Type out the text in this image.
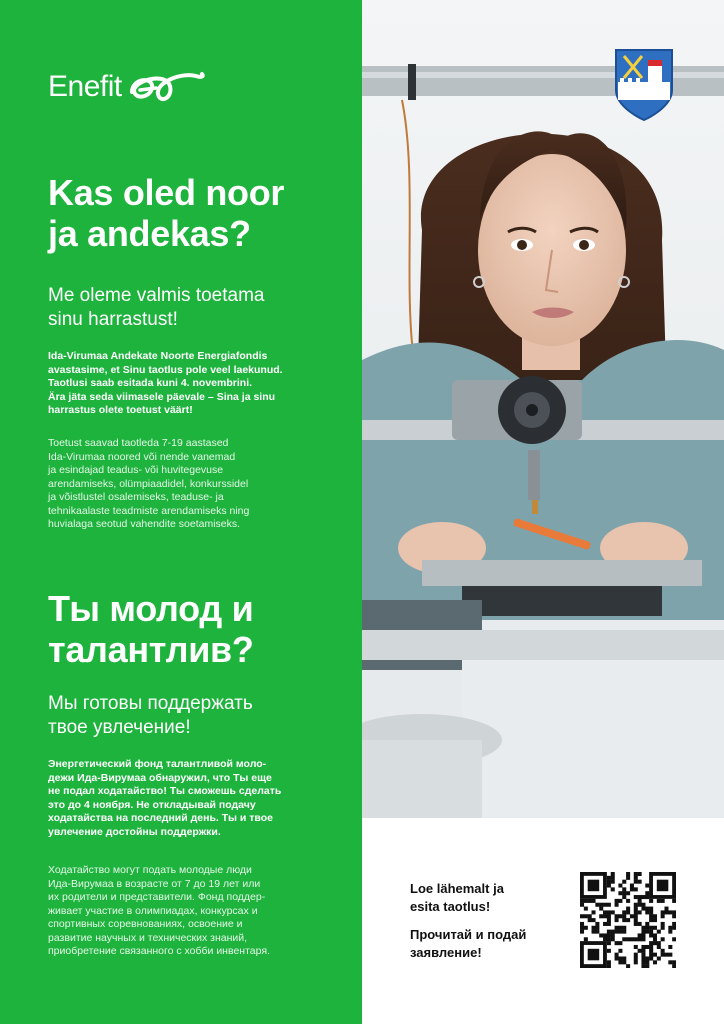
Enefit
Kas oled noor
ja andekas?
Me oleme valmis toetama
sinu harrastust!
Ida-Virumaa Andekate Noorte Energiafondis
avastasime, et Sinu taotlus pole veel laekunud.
Taotlusi saab esitada kuni 4. novembrini.
Ära jäta seda viimasele päevale – Sina ja sinu
harrastus olete toetust väärt!
Toetust saavad taotleda 7-19 aastased
Ida-Virumaa noored või nende vanemad
ja esindajad teadus- või huvitegevuse
arendamiseks, olümpiaadidel, konkurssidel
ja võistlustel osalemiseks, teaduse- ja
tehnikaalaste teadmiste arendamiseks ning
huvialaga seotud vahendite soetamiseks.
Ты молод и
талантлив?
Мы готовы поддержать
твое увлечение!
Энергетический фонд талантливой моло-
дежи Ида-Вирумаа обнаружил, что Ты еще
не подал ходатайство! Ты сможешь сделать
это до 4 ноября. Не откладывай подачу
ходатайства на последний день. Ты и твое
увлечение достойны поддержки.
Ходатайство могут подать молодые люди
Ида-Вирумаа в возрасте от 7 до 19 лет или
их родители и представители. Фонд поддер-
живает участие в олимпиадах, конкурсах и
спортивных соревнованиях, освоение и
развитие научных и технических знаний,
приобретение связанного с хобби инвентаря.
Loe lähemalt ja
esita taotlus!
Прочитай и подай
заявление!
